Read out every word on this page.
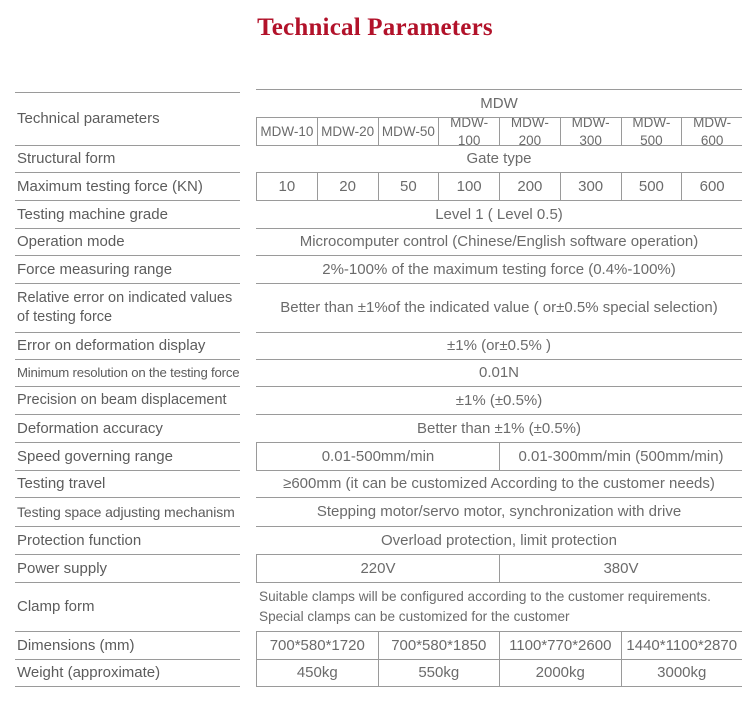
Technical Parameters
Technical parameters
Structural form
Maximum testing force (KN)
Testing machine grade
Operation mode
Force measuring range
Relative error on indicated values of testing force
Error on deformation display
Minimum resolution on the testing force
Precision on beam displacement
Deformation accuracy
Speed governing range
Testing travel
Testing space adjusting mechanism
Protection function
Power supply
Clamp form
Dimensions (mm)
Weight (approximate)
MDW
MDW-10 MDW-20 MDW-50
MDW-100
MDW-200
MDW-300
MDW-500
MDW-600
Gate type
10	20	50	100	200	300	500	600
Level 1 ( Level 0.5)
Microcomputer control (Chinese/English software operation)
2%-100% of the maximum testing force (0.4%-100%)
Better than ±1%of the indicated value ( or±0.5% special selection)
±1% (or±0.5% )
0.01N
±1% (±0.5%)
Better than ±1% (±0.5%)
0.01-500mm/min	0.01-300mm/min (500mm/min)
≥600mm (it can be customized According to the customer needs)
Stepping motor/servo motor, synchronization with drive
Overload protection, limit protection
220V	380V
Suitable clamps will be configured according to the customer requirements.
Special clamps can be customized for the customer
700*580*1720	700*580*1850	1100*770*2600	1440*1100*2870
450kg	550kg	2000kg	3000kg
